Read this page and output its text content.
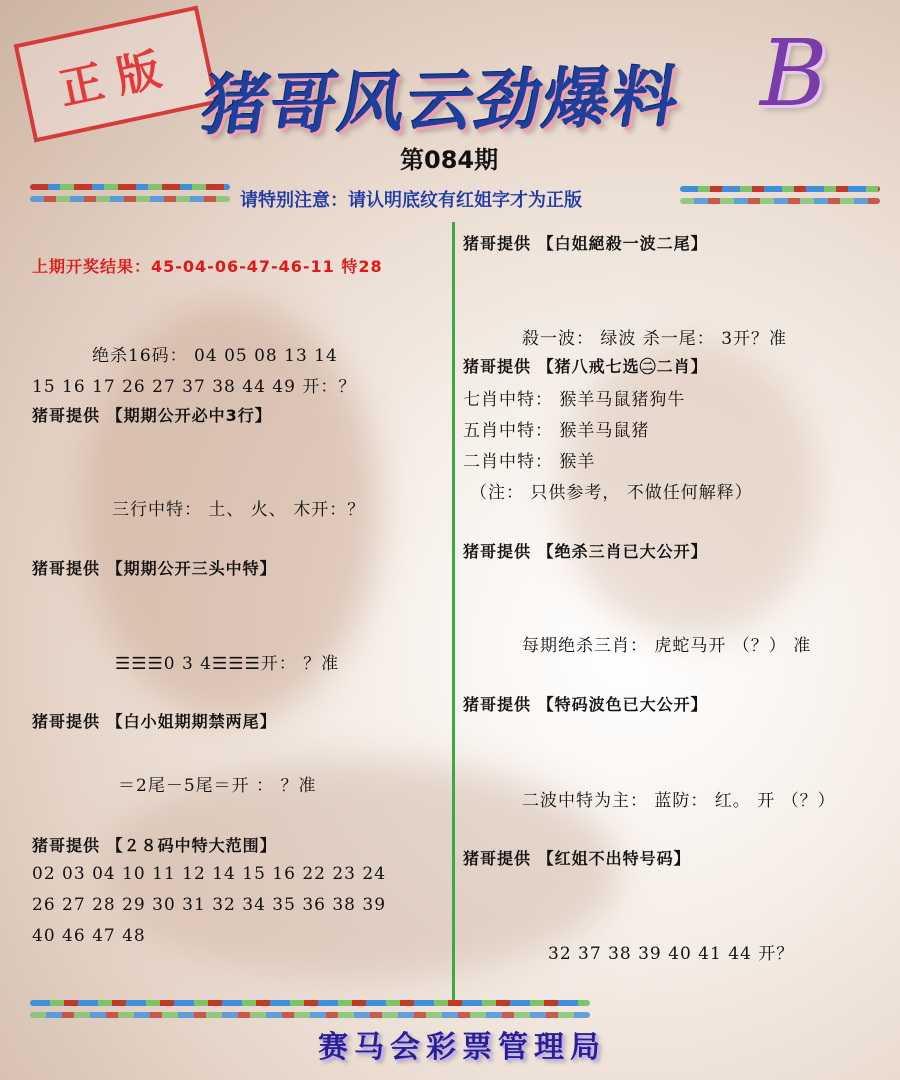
正版 猪哥风云劲爆料 B
第084期
请特别注意：请认明底纹有红姐字才为正版
上期开奖结果：45-04-06-47-46-11 特28
绝杀16码： 04 05 08 13 14
15 16 17 26 27 37 38 44 49 开：？
猪哥提供 【期期公开必中3行】
三行中特： 土、 火、 木开：？
猪哥提供 【期期公开三头中特】
☰☰☰0 3 4☰☰☰开： ？准
猪哥提供 【白小姐期期禁两尾】
＝2尾－5尾＝开 ： ？准
猪哥提供 【２８码中特大范围】
02 03 04 10 11 12 14 15 16 22 23 24
26 27 28 29 30 31 32 34 35 36 38 39
40 46 47 48
猪哥提供 【白姐絕殺一波二尾】
殺一波： 绿波 杀一尾： 3开？准
猪哥提供 【猪八戒七选㊁二肖】
七肖中特： 猴羊马鼠猪狗牛
五肖中特： 猴羊马鼠猪
二肖中特： 猴羊
（注： 只供参考， 不做任何解释）
猪哥提供 【绝杀三肖已大公开】
每期绝杀三肖： 虎蛇马开 （？） 准
猪哥提供 【特码波色已大公开】
二波中特为主： 蓝防： 红。 开 （？）
猪哥提供 【红姐不出特号码】
32 37 38 39 40 41 44 开？
赛马会彩票管理局
